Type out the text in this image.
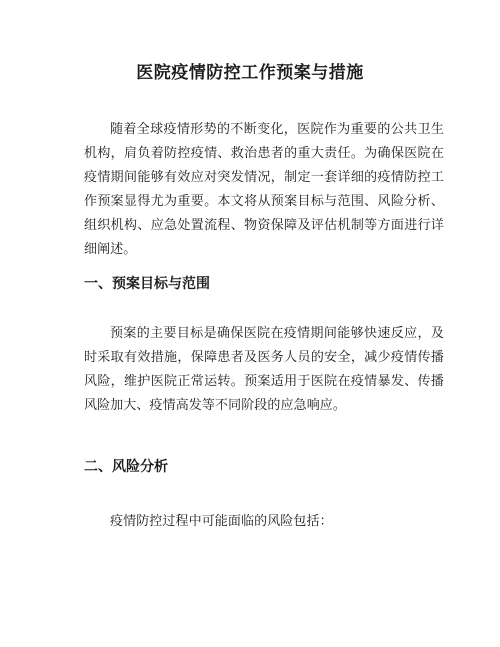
医院疫情防控工作预案与措施

随着全球疫情形势的不断变化，医院作为重要的公共卫生机构，肩负着防控疫情、救治患者的重大责任。为确保医院在疫情期间能够有效应对突发情况，制定一套详细的疫情防控工作预案显得尤为重要。本文将从预案目标与范围、风险分析、组织机构、应急处置流程、物资保障及评估机制等方面进行详细阐述。

一、预案目标与范围

预案的主要目标是确保医院在疫情期间能够快速反应，及时采取有效措施，保障患者及医务人员的安全，减少疫情传播风险，维护医院正常运转。预案适用于医院在疫情暴发、传播风险加大、疫情高发等不同阶段的应急响应。

二、风险分析

疫情防控过程中可能面临的风险包括：
